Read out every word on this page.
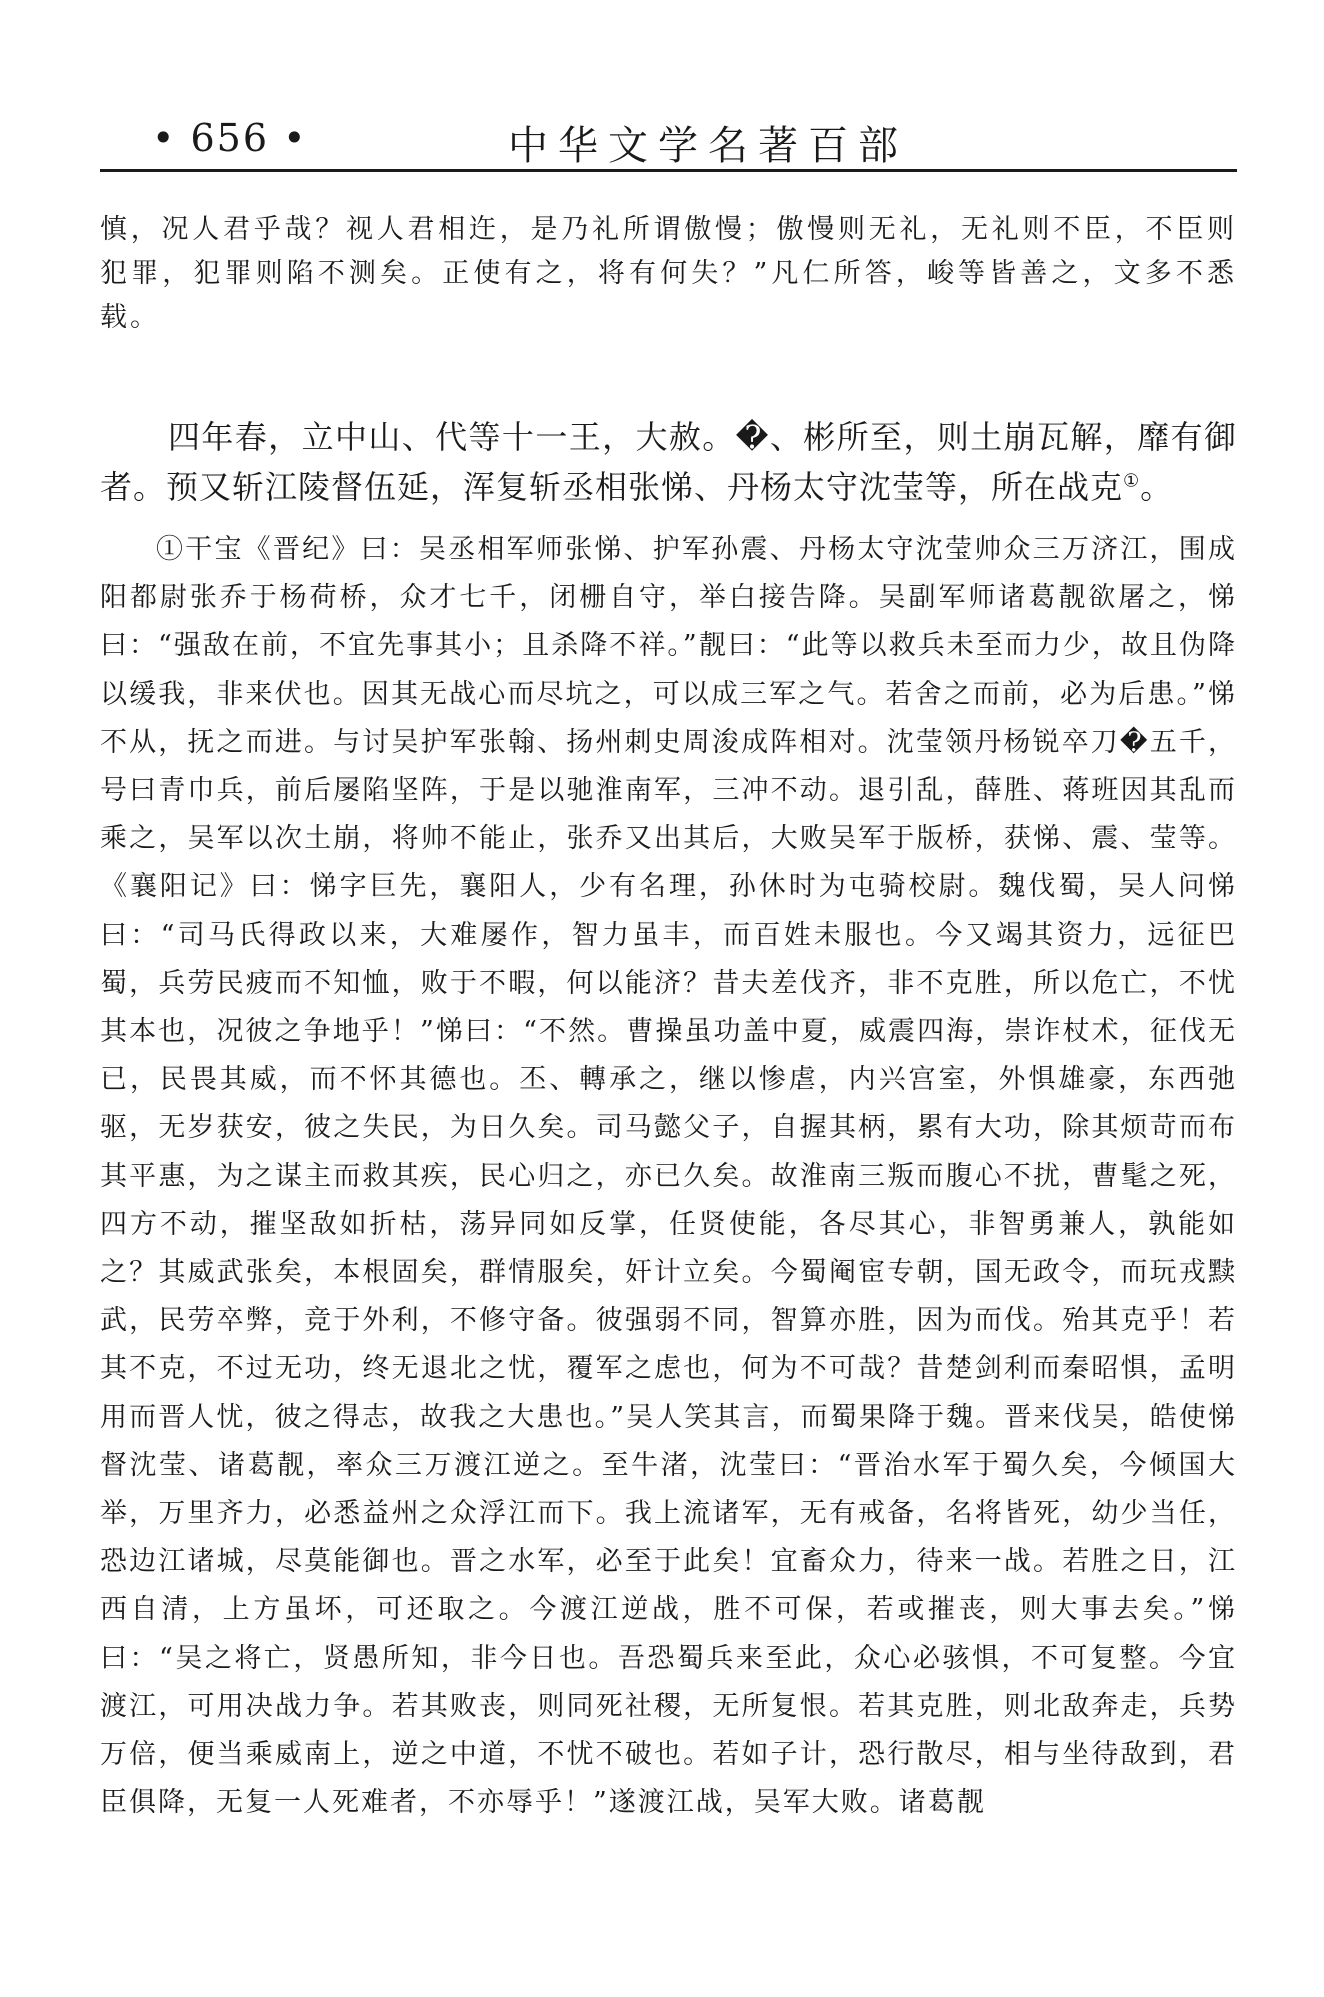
• 656 •	中华文学名著百部

慎，况人君乎哉？视人君相迕，是乃礼所谓傲慢；傲慢则无礼，无礼则不臣，不臣则犯罪，犯罪则陷不测矣。正使有之，将有何失？”凡仁所答，峻等皆善之，文多不悉载。

四年春，立中山、代等十一王，大赦。�、彬所至，则土崩瓦解，靡有御者。预又斩江陵督伍延，浑复斩丞相张悌、丹杨太守沈莹等，所在战克①。

①干宝《晋纪》曰：吴丞相军师张悌、护军孙震、丹杨太守沈莹帅众三万济江，围成阳都尉张乔于杨荷桥，众才七千，闭栅自守，举白接告降。吴副军师诸葛靓欲屠之，悌曰：“强敌在前，不宜先事其小；且杀降不祥。”靓曰：“此等以救兵未至而力少，故且伪降以缓我，非来伏也。因其无战心而尽坑之，可以成三军之气。若舍之而前，必为后患。”悌不从，抚之而进。与讨吴护军张翰、扬州刺史周浚成阵相对。沈莹领丹杨锐卒刀�五千，号曰青巾兵，前后屡陷坚阵，于是以驰淮南军，三冲不动。退引乱，薛胜、蒋班因其乱而乘之，吴军以次土崩，将帅不能止，张乔又出其后，大败吴军于版桥，获悌、震、莹等。《襄阳记》曰：悌字巨先，襄阳人，少有名理，孙休时为屯骑校尉。魏伐蜀，吴人问悌曰：“司马氏得政以来，大难屡作，智力虽丰，而百姓未服也。今又竭其资力，远征巴蜀，兵劳民疲而不知恤，败于不暇，何以能济？昔夫差伐齐，非不克胜，所以危亡，不忧其本也，况彼之争地乎！”悌曰：“不然。曹操虽功盖中夏，威震四海，崇诈杖术，征伐无已，民畏其威，而不怀其德也。丕、轉承之，继以惨虐，内兴宫室，外惧雄豪，东西弛驱，无岁获安，彼之失民，为日久矣。司马懿父子，自握其柄，累有大功，除其烦苛而布其平惠，为之谋主而救其疾，民心归之，亦已久矣。故淮南三叛而腹心不扰，曹髦之死，四方不动，摧坚敌如折枯，荡异同如反掌，任贤使能，各尽其心，非智勇兼人，孰能如之？其威武张矣，本根固矣，群情服矣，奸计立矣。今蜀阉宦专朝，国无政令，而玩戎黩武，民劳卒弊，竞于外利，不修守备。彼强弱不同，智算亦胜，因为而伐。殆其克乎！若其不克，不过无功，终无退北之忧，覆军之虑也，何为不可哉？昔楚剑利而秦昭惧，孟明用而晋人忧，彼之得志，故我之大患也。”吴人笑其言，而蜀果降于魏。晋来伐吴，皓使悌督沈莹、诸葛靓，率众三万渡江逆之。至牛渚，沈莹曰：“晋治水军于蜀久矣，今倾国大举，万里齐力，必悉益州之众浮江而下。我上流诸军，无有戒备，名将皆死，幼少当任，恐边江诸城，尽莫能御也。晋之水军，必至于此矣！宜畜众力，待来一战。若胜之日，江西自清，上方虽坏，可还取之。今渡江逆战，胜不可保，若或摧丧，则大事去矣。”悌曰：“吴之将亡，贤愚所知，非今日也。吾恐蜀兵来至此，众心必骇惧，不可复整。今宜渡江，可用决战力争。若其败丧，则同死社稷，无所复恨。若其克胜，则北敌奔走，兵势万倍，便当乘威南上，逆之中道，不忧不破也。若如子计，恐行散尽，相与坐待敌到，君臣俱降，无复一人死难者，不亦辱乎！”遂渡江战，吴军大败。诸葛靓
